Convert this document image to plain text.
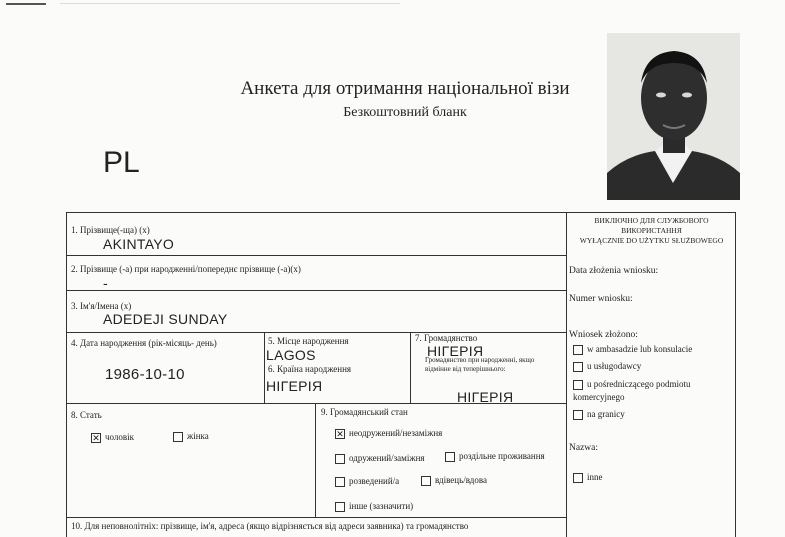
Анкета для отримання національної візи
Безкоштовний бланк
PL
1. Прізвище(-ща) (x)
AKINTAYO
2. Прізвище (-а) при народженні/попереднє прізвище (-а)(x)
-
3. Ім'я/Імена (x)
ADEDEJI SUNDAY
4. Дата народження (рік-місяць- день)
1986-10-10
5. Місце народження
LAGOS
6. Країна народження
НІГЕРІЯ
7. Громадянство
НІГЕРІЯ
Громадянство при народженні, якщо відмінне від теперішнього:
НІГЕРІЯ
8. Стать
✕ чоловік	жінка
9. Громадянський стан
✕ неодружений/незаміжня
одружений/заміжня	роздільне проживання
розведений/а	вдівець/вдова
інше (зазначити)
10. Для неповнолітніх: прізвище, ім'я, адреса (якщо відрізняється від адреси заявника) та громадянство
ВИКЛЮЧНО ДЛЯ СЛУЖБОВОГО
ВИКОРИСТАННЯ
WYŁĄCZNIE DO UŻYTKU SŁUŻBOWEGO
Data złożenia wniosku:
Numer wniosku:
Wniosek złożono:
w ambasadzie lub konsulacie
u usługodawcy
u pośredniczącego podmiotu komercyjnego
na granicy
Nazwa:
inne
